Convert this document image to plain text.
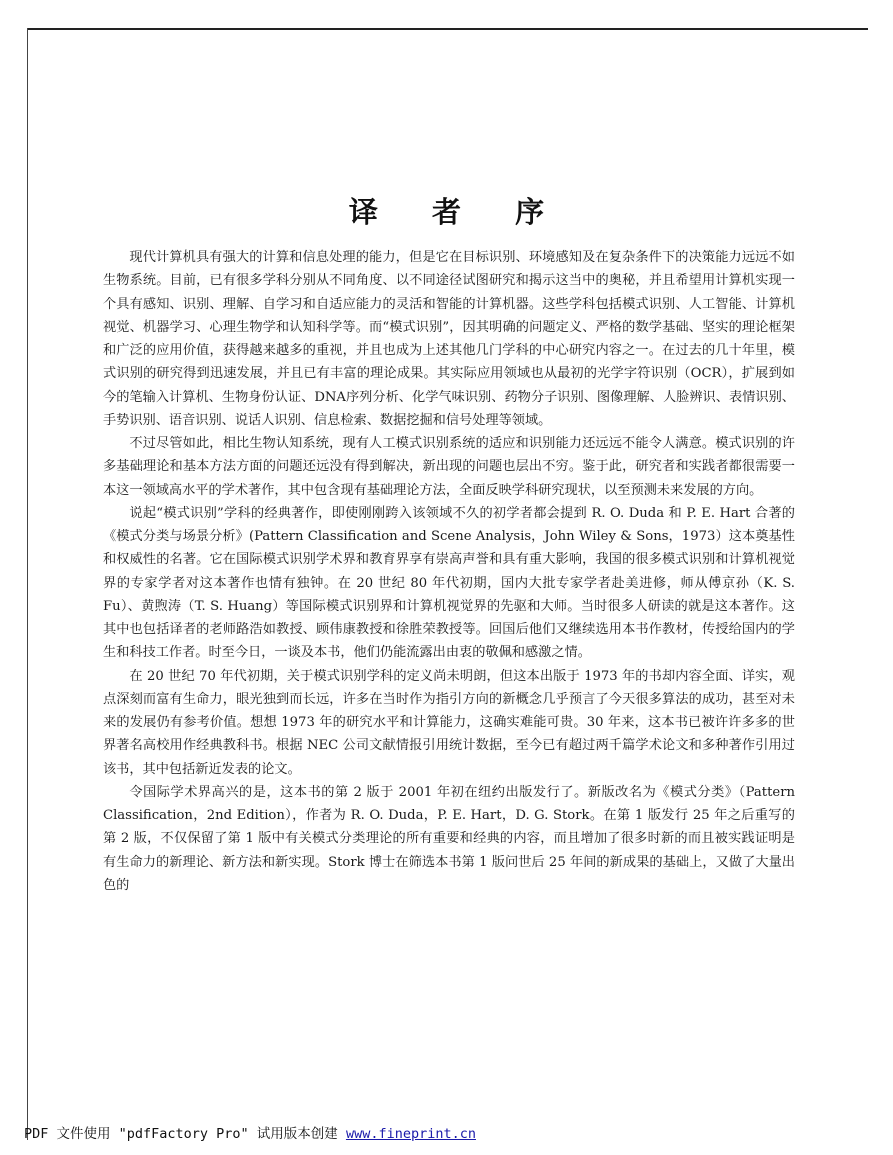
译 者 序

现代计算机具有强大的计算和信息处理的能力，但是它在目标识别、环境感知及在复杂条件下的决策能力远远不如生物系统。目前，已有很多学科分别从不同角度、以不同途径试图研究和揭示这当中的奥秘，并且希望用计算机实现一个具有感知、识别、理解、自学习和自适应能力的灵活和智能的计算机器。这些学科包括模式识别、人工智能、计算机视觉、机器学习、心理生物学和认知科学等。而“模式识别”，因其明确的问题定义、严格的数学基础、坚实的理论框架和广泛的应用价值，获得越来越多的重视，并且也成为上述其他几门学科的中心研究内容之一。在过去的几十年里，模式识别的研究得到迅速发展，并且已有丰富的理论成果。其实际应用领域也从最初的光学字符识别（OCR），扩展到如今的笔输入计算机、生物身份认证、DNA序列分析、化学气味识别、药物分子识别、图像理解、人脸辨识、表情识别、手势识别、语音识别、说话人识别、信息检索、数据挖掘和信号处理等领域。

不过尽管如此，相比生物认知系统，现有人工模式识别系统的适应和识别能力还远远不能令人满意。模式识别的许多基础理论和基本方法方面的问题还远没有得到解决，新出现的问题也层出不穷。鉴于此，研究者和实践者都很需要一本这一领域高水平的学术著作，其中包含现有基础理论方法，全面反映学科研究现状，以至预测未来发展的方向。

说起“模式识别”学科的经典著作，即使刚刚跨入该领域不久的初学者都会提到 R. O. Duda 和 P. E. Hart 合著的《模式分类与场景分析》(Pattern Classification and Scene Analysis，John Wiley & Sons，1973）这本奠基性和权威性的名著。它在国际模式识别学术界和教育界享有崇高声誉和具有重大影响，我国的很多模式识别和计算机视觉界的专家学者对这本著作也情有独钟。在 20 世纪 80 年代初期，国内大批专家学者赴美进修，师从傅京孙（K. S. Fu）、黄煦涛（T. S. Huang）等国际模式识别界和计算机视觉界的先驱和大师。当时很多人研读的就是这本著作。这其中也包括译者的老师路浩如教授、顾伟康教授和徐胜荣教授等。回国后他们又继续选用本书作教材，传授给国内的学生和科技工作者。时至今日，一谈及本书，他们仍能流露出由衷的敬佩和感激之情。

在 20 世纪 70 年代初期，关于模式识别学科的定义尚未明朗，但这本出版于 1973 年的书却内容全面、详实，观点深刻而富有生命力，眼光独到而长远，许多在当时作为指引方向的新概念几乎预言了今天很多算法的成功，甚至对未来的发展仍有参考价值。想想 1973 年的研究水平和计算能力，这确实难能可贵。30 年来，这本书已被许许多多的世界著名高校用作经典教科书。根据 NEC 公司文献情报引用统计数据，至今已有超过两千篇学术论文和多种著作引用过该书，其中包括新近发表的论文。

令国际学术界高兴的是，这本书的第 2 版于 2001 年初在纽约出版发行了。新版改名为《模式分类》（Pattern Classification，2nd Edition），作者为 R. O. Duda，P. E. Hart，D. G. Stork。在第 1 版发行 25 年之后重写的第 2 版，不仅保留了第 1 版中有关模式分类理论的所有重要和经典的内容，而且增加了很多时新的而且被实践证明是有生命力的新理论、新方法和新实现。Stork 博士在筛选本书第 1 版问世后 25 年间的新成果的基础上，又做了大量出色的

PDF 文件使用 "pdfFactory Pro" 试用版本创建 www.fineprint.cn
